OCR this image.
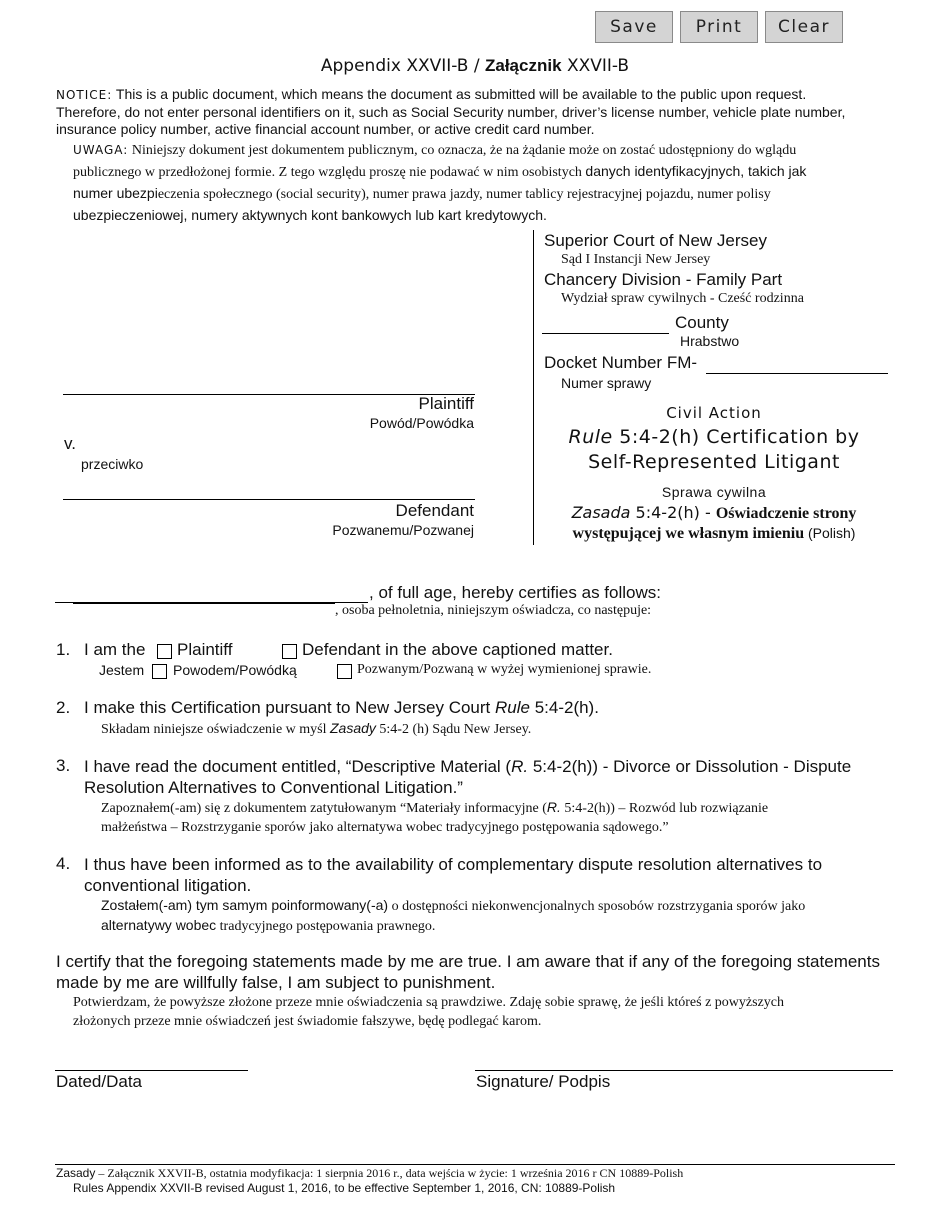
Save	Print	Clear
Appendix XXVII-B / Załącznik XXVII-B
NOTICE: This is a public document, which means the document as submitted will be available to the public upon request.
Therefore, do not enter personal identifiers on it, such as Social Security number, driver’s license number, vehicle plate number,
insurance policy number, active financial account number, or active credit card number.
UWAGA: Niniejszy dokument jest dokumentem publicznym, co oznacza, że na żądanie może on zostać udostępniony do wglądu
publicznego w przedłożonej formie. Z tego względu proszę nie podawać w nim osobistych danych identyfikacyjnych, takich jak
numer ubezpieczenia społecznego (social security), numer prawa jazdy, numer tablicy rejestracyjnej pojazdu, numer polisy
ubezpieczeniowej, numery aktywnych kont bankowych lub kart kredytowych.
Plaintiff
Powód/Powódka
v.
przeciwko
Defendant
Pozwanemu/Pozwanej
Superior Court of New Jersey
Sąd I Instancji New Jersey
Chancery Division - Family Part
Wydział spraw cywilnych - Cześć rodzinna
County
Hrabstwo
Docket Number FM-
Numer sprawy
Civil Action
Rule 5:4-2(h) Certification by
Self-Represented Litigant
Sprawa cywilna
Zasada 5:4-2(h) - Oświadczenie strony
występującej we własnym imieniu (Polish)
, of full age, hereby certifies as follows:
, osoba pełnoletnia, niniejszym oświadcza, co następuje:
1. I am the Plaintiff	Defendant in the above captioned matter.
Jestem Powodem/Powódką	Pozwanym/Pozwaną w wyżej wymienionej sprawie.
2. I make this Certification pursuant to New Jersey Court Rule 5:4-2(h).
Składam niniejsze oświadczenie w myśl Zasady 5:4-2 (h) Sądu New Jersey.
3. I have read the document entitled, “Descriptive Material (R. 5:4-2(h)) - Divorce or Dissolution - Dispute
Resolution Alternatives to Conventional Litigation.”
Zapoznałem(-am) się z dokumentem zatytułowanym “Materiały informacyjne (R. 5:4-2(h)) – Rozwód lub rozwiązanie
małżeństwa – Rozstrzyganie sporów jako alternatywa wobec tradycyjnego postępowania sądowego.”
4. I thus have been informed as to the availability of complementary dispute resolution alternatives to
conventional litigation.
Zostałem(-am) tym samym poinformowany(-a) o dostępności niekonwencjonalnych sposobów rozstrzygania sporów jako
alternatywy wobec tradycyjnego postępowania prawnego.
I certify that the foregoing statements made by me are true. I am aware that if any of the foregoing statements
made by me are willfully false, I am subject to punishment.
Potwierdzam, że powyższe złożone przeze mnie oświadczenia są prawdziwe. Zdaję sobie sprawę, że jeśli któreś z powyższych
złożonych przeze mnie oświadczeń jest świadomie fałszywe, będę podlegać karom.
Dated/Data	Signature/ Podpis
Zasady – Załącznik XXVII-B, ostatnia modyfikacja: 1 sierpnia 2016 r., data wejścia w życie: 1 września 2016 r CN 10889-Polish
Rules Appendix XXVII-B revised August 1, 2016, to be effective September 1, 2016, CN: 10889-Polish
